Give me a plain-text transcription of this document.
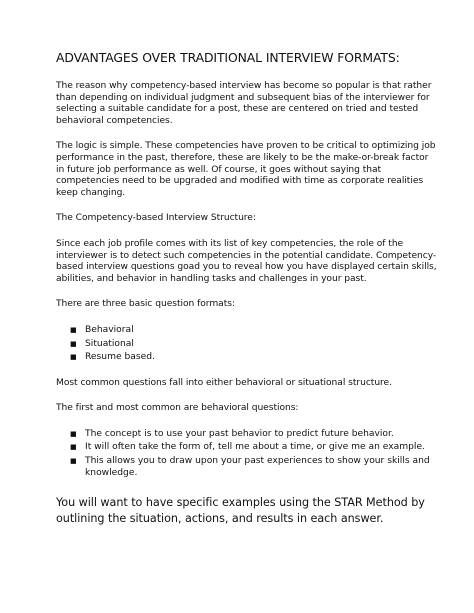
ADVANTAGES OVER TRADITIONAL INTERVIEW FORMATS:
The reason why competency-based interview has become so popular is that rather
than depending on individual judgment and subsequent bias of the interviewer for
selecting a suitable candidate for a post, these are centered on tried and tested
behavioral competencies.
The logic is simple. These competencies have proven to be critical to optimizing job
performance in the past, therefore, these are likely to be the make-or-break factor
in future job performance as well. Of course, it goes without saying that
competencies need to be upgraded and modified with time as corporate realities
keep changing.
The Competency-based Interview Structure:
Since each job profile comes with its list of key competencies, the role of the
interviewer is to detect such competencies in the potential candidate. Competency-
based interview questions goad you to reveal how you have displayed certain skills,
abilities, and behavior in handling tasks and challenges in your past.
There are three basic question formats:
■ Behavioral
■ Situational
■ Resume based.
Most common questions fall into either behavioral or situational structure.
The first and most common are behavioral questions:
■ The concept is to use your past behavior to predict future behavior.
■ It will often take the form of, tell me about a time, or give me an example.
■ This allows you to draw upon your past experiences to show your skills and
knowledge.
You will want to have specific examples using the STAR Method by
outlining the situation, actions, and results in each answer.
